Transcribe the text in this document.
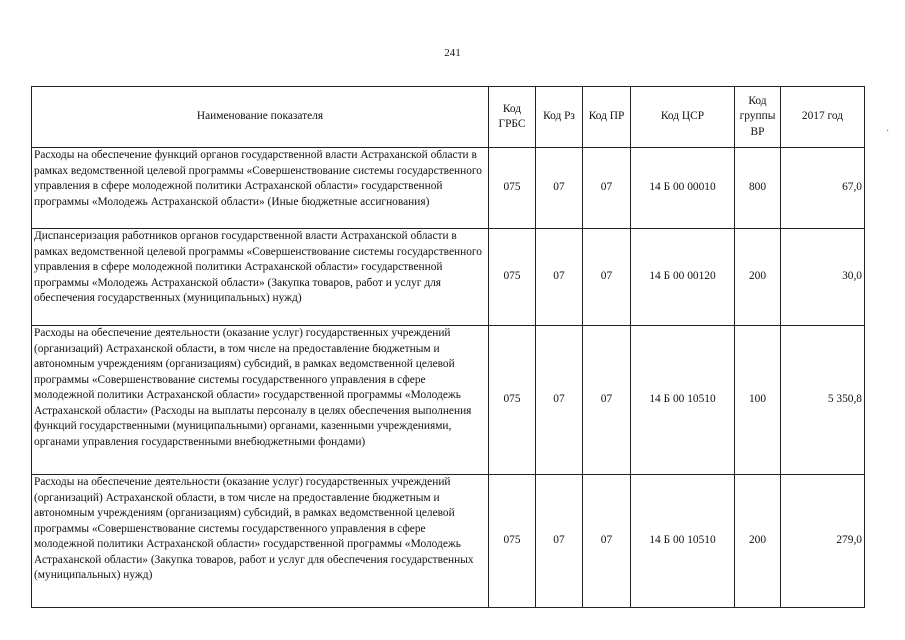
241
Наименование показателя	Код ГРБС	Код Рз	Код ПР	Код ЦСР	Код группы ВР	2017 год
Расходы на обеспечение функций органов государственной власти Астраханской области в рамках ведомственной целевой программы «Совершенствование системы государственного управления в сфере молодежной политики Астраханской области» государственной программы «Молодежь Астраханской области» (Иные бюджетные ассигнования)	075	07	07	14 Б 00 00010	800	67,0
Диспансеризация работников органов государственной власти Астраханской области в рамках ведомственной целевой программы «Совершенствование системы государственного управления в сфере молодежной политики Астраханской области» государственной программы «Молодежь Астраханской области» (Закупка товаров, работ и услуг для обеспечения государственных (муниципальных) нужд)	075	07	07	14 Б 00 00120	200	30,0
Расходы на обеспечение деятельности (оказание услуг) государственных учреждений (организаций) Астраханской области, в том числе на предоставление бюджетным и автономным учреждениям (организациям) субсидий, в рамках ведомственной целевой программы «Совершенствование системы государственного управления в сфере молодежной политики Астраханской области» государственной программы «Молодежь Астраханской области» (Расходы на выплаты персоналу в целях обеспечения выполнения функций государственными (муниципальными) органами, казенными учреждениями, органами управления государственными внебюджетными фондами)	075	07	07	14 Б 00 10510	100	5 350,8
Расходы на обеспечение деятельности (оказание услуг) государственных учреждений (организаций) Астраханской области, в том числе на предоставление бюджетным и автономным учреждениям (организациям) субсидий, в рамках ведомственной целевой программы «Совершенствование системы государственного управления в сфере молодежной политики Астраханской области» государственной программы «Молодежь Астраханской области» (Закупка товаров, работ и услуг для обеспечения государственных (муниципальных) нужд)	075	07	07	14 Б 00 10510	200	279,0
·
